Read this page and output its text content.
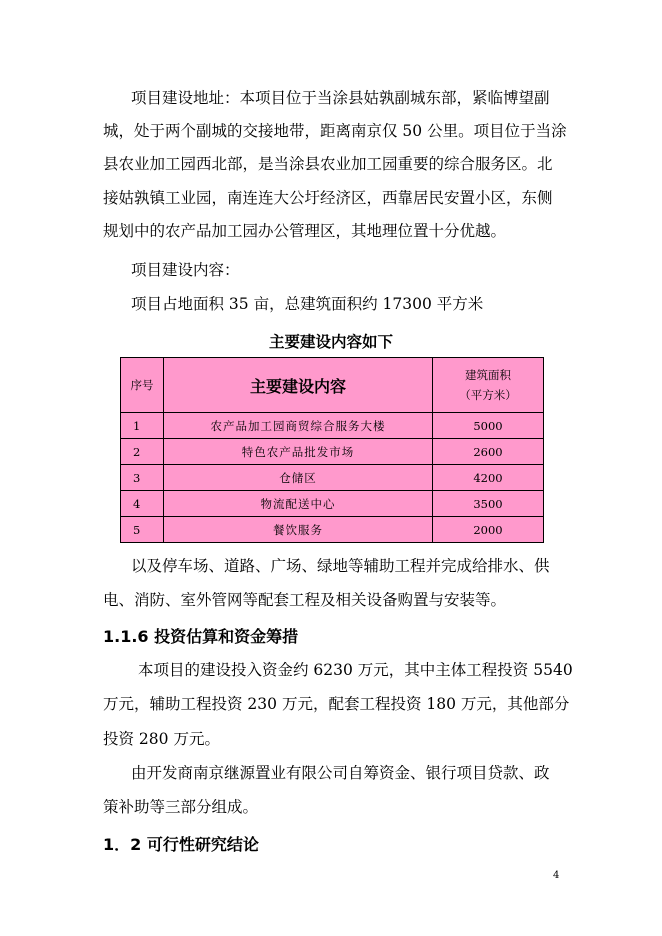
项目建设地址：本项目位于当涂县姑孰副城东部，紧临博望副

城，处于两个副城的交接地带，距离南京仅 50 公里。项目位于当涂

县农业加工园西北部，是当涂县农业加工园重要的综合服务区。北

接姑孰镇工业园，南连连大公圩经济区，西靠居民安置小区，东侧

规划中的农产品加工园办公管理区，其地理位置十分优越。

项目建设内容：

项目占地面积 35 亩，总建筑面积约 17300 平方米

主要建设内容如下

序号	主要建设内容	建筑面积
（平方米）
1	农产品加工园商贸综合服务大楼	5000
2	特色农产品批发市场	2600
3	仓储区	4200
4	物流配送中心	3500
5	餐饮服务	2000

以及停车场、道路、广场、绿地等辅助工程并完成给排水、供

电、消防、室外管网等配套工程及相关设备购置与安装等。

1.1.6 投资估算和资金筹措

本项目的建设投入资金约 6230 万元，其中主体工程投资 5540

万元，辅助工程投资 230 万元，配套工程投资 180 万元，其他部分

投资 280 万元。

由开发商南京继源置业有限公司自筹资金、银行项目贷款、政

策补助等三部分组成。

1．2 可行性研究结论

4
